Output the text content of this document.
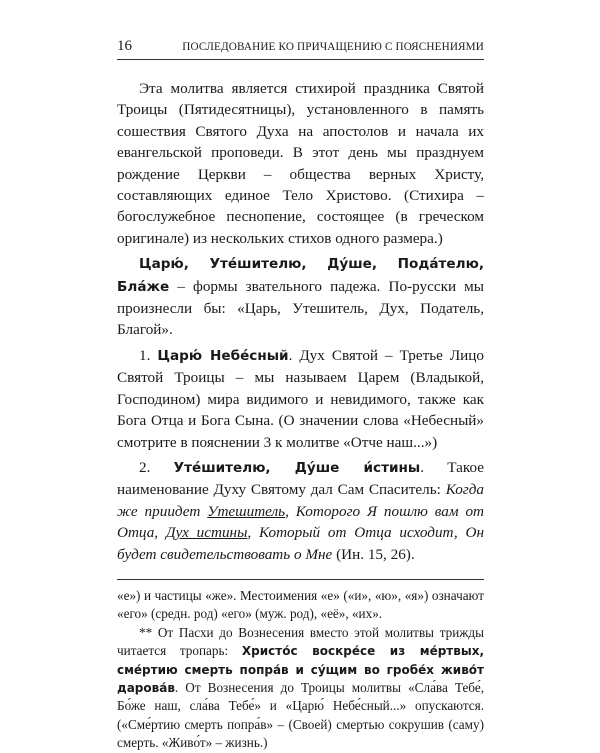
16	ПОСЛЕДОВАНИЕ КО ПРИЧАЩЕНИЮ С ПОЯСНЕНИЯМИ

Эта молитва является стихирой праздника Святой Троицы (Пятидесятницы), установленного в память сошествия Святого Духа на апостолов и начала их евангельской проповеди. В этот день мы празднуем рождение Церкви – общества верных Христу, составляющих единое Тело Христово. (Стихира – богослужебное песнопение, состоящее (в греческом оригинале) из нескольких стихов одного размера.)

Царю́, Уте́шителю, Ду́ше, Пода́телю, Бла́же – формы звательного падежа. По-русски мы произнесли бы: «Царь, Утешитель, Дух, Податель, Благой».

1. Царю́ Небе́сный. Дух Святой – Третье Лицо Святой Троицы – мы называем Царем (Владыкой, Господином) мира видимого и невидимого, также как Бога Отца и Бога Сына. (О значении слова «Небесный» смотрите в пояснении 3 к молитве «Отче наш...»)

2. Уте́шителю, Ду́ше и́стины. Такое наименование Духу Святому дал Сам Спаситель: Когда же приидет Утешитель, Которого Я пошлю вам от Отца, Дух истины, Который от Отца исходит, Он будет свидетельствовать о Мне (Ин. 15, 26).

«е») и частицы «же». Местоимения «е» («и», «ю», «я») означают «его» (средн. род) «его» (муж. род), «её», «их».

** От Пасхи до Вознесения вместо этой молитвы трижды читается тропарь: Христо́с воскре́се из ме́ртвых, сме́ртию смерть попра́в и су́щим во гробе́х живо́т дарова́в. От Вознесения до Троицы молитвы «Сла́ва Тебе́, Бо́же наш, сла́ва Тебе́» и «Царю́ Небе́сный...» опускаются. («Сме́ртию смерть попра́в» – (Своей) смертью сокрушив (саму) смерть. «Живо́т» – жизнь.)
